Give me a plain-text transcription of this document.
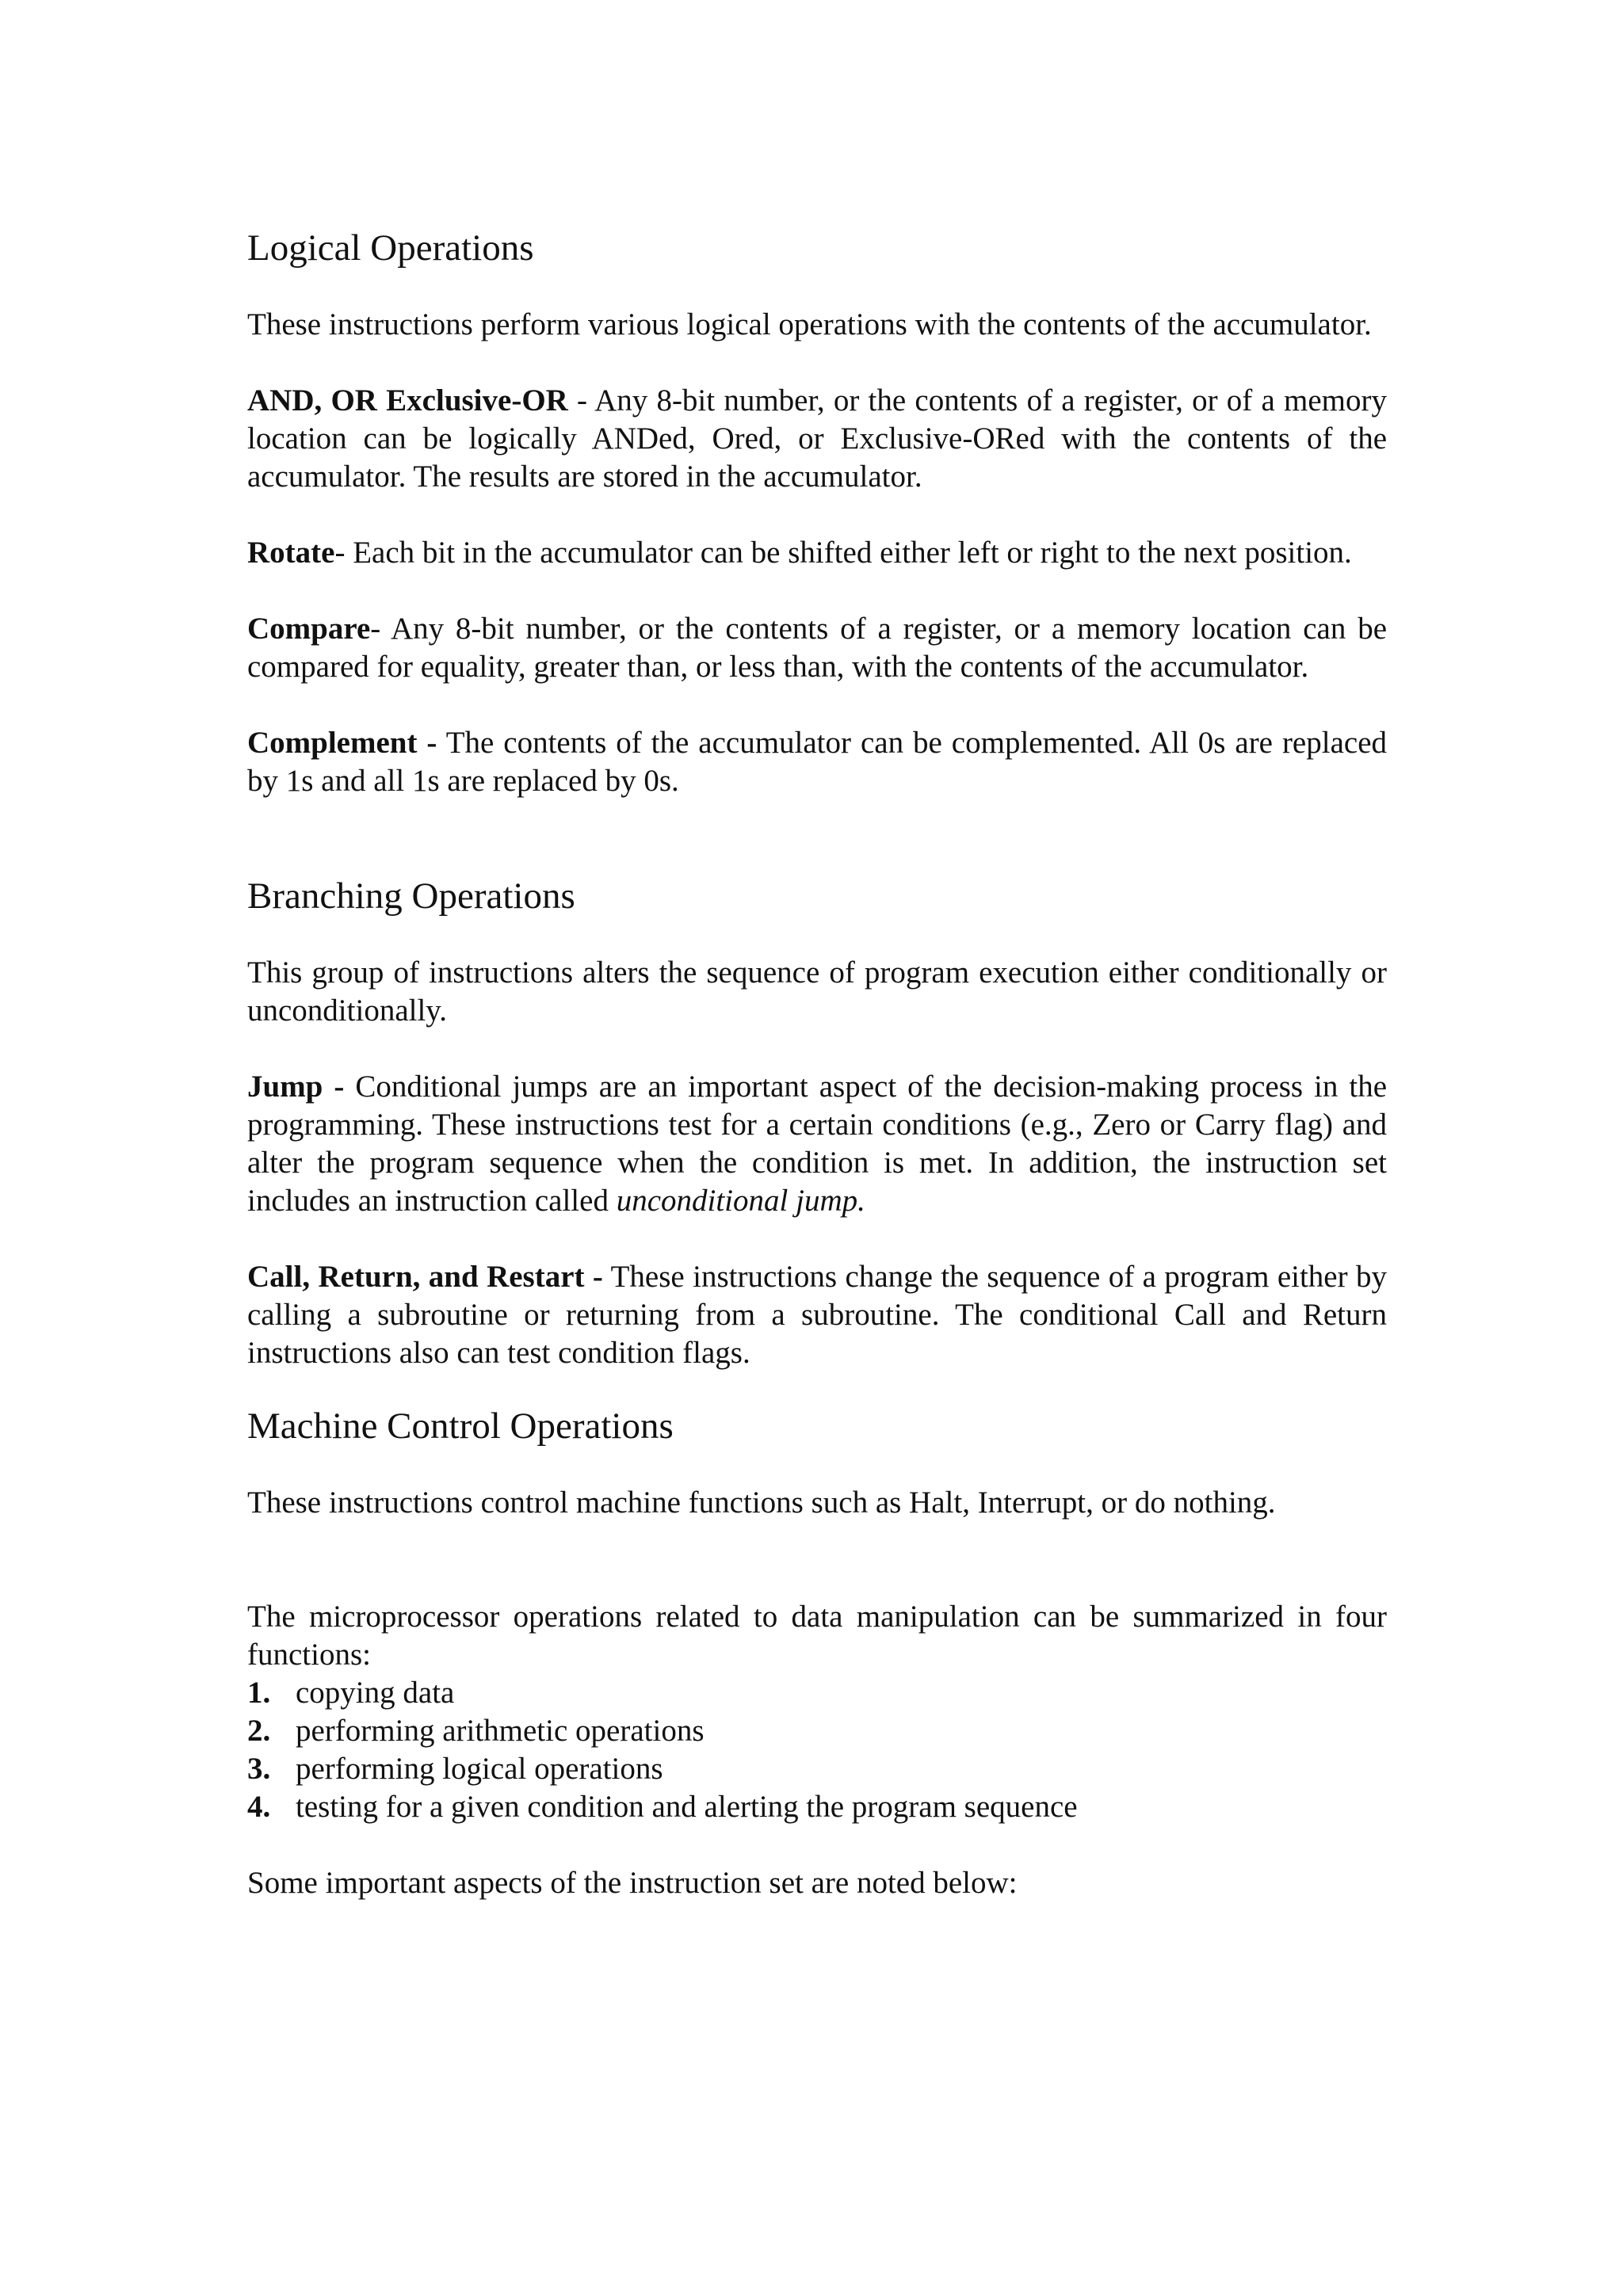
Logical Operations

These instructions perform various logical operations with the contents of the accumulator.

AND, OR Exclusive-OR - Any 8-bit number, or the contents of a register, or of a memory location can be logically ANDed, Ored, or Exclusive-ORed with the contents of the accumulator. The results are stored in the accumulator.

Rotate- Each bit in the accumulator can be shifted either left or right to the next position.

Compare- Any 8-bit number, or the contents of a register, or a memory location can be compared for equality, greater than, or less than, with the contents of the accumulator.

Complement - The contents of the accumulator can be complemented. All 0s are replaced by 1s and all 1s are replaced by 0s.

Branching Operations

This group of instructions alters the sequence of program execution either conditionally or unconditionally.

Jump - Conditional jumps are an important aspect of the decision-making process in the programming. These instructions test for a certain conditions (e.g., Zero or Carry flag) and alter the program sequence when the condition is met. In addition, the instruction set includes an instruction called unconditional jump.

Call, Return, and Restart - These instructions change the sequence of a program either by calling a subroutine or returning from a subroutine. The conditional Call and Return instructions also can test condition flags.

Machine Control Operations

These instructions control machine functions such as Halt, Interrupt, or do nothing.

The microprocessor operations related to data manipulation can be summarized in four functions:

1. copying data
2. performing arithmetic operations
3. performing logical operations
4. testing for a given condition and alerting the program sequence

Some important aspects of the instruction set are noted below:
